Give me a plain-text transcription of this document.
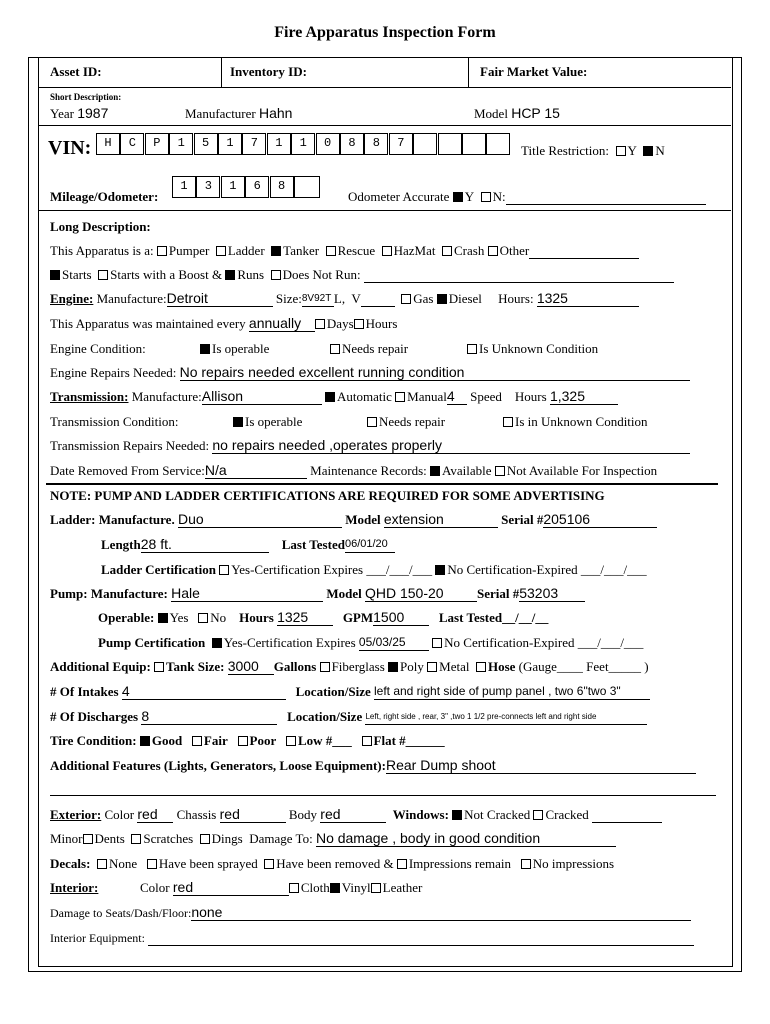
Fire Apparatus Inspection Form
Asset ID:	Inventory ID:	Fair Market Value:
Short Description:
Year 1987	Manufacturer Hahn	Model HCP 15
VIN:	H	C	P	1	5	1	7	1	1	0	8	8	7	Title Restriction: Y N
Mileage/Odometer:
1	3	1	6	8
Odometer Accurate Y N:
Long Description:
This Apparatus is a: Pumper Ladder Tanker Rescue HazMat Crash Other
Starts Starts with a Boost & Runs Does Not Run:
Engine: Manufacture:Detroit	Size:8V92T L, V	Gas Diesel Hours: 1325
This Apparatus was maintained every annually Days Hours
Engine Condition:	Is operable	Needs repair	Is Unknown Condition
Engine Repairs Needed: No repairs needed excellent running condition
Transmission: Manufacture:Allison	Automatic Manual4 Speed Hours 1,325
Transmission Condition:	Is operable	Needs repair	Is in Unknown Condition
Transmission Repairs Needed: no repairs needed ,operates properly
Date Removed From Service:N/a	Maintenance Records: Available Not Available For Inspection
NOTE: PUMP AND LADDER CERTIFICATIONS ARE REQUIRED FOR SOME ADVERTISING
Ladder: Manufacture. Duo	Model extension	Serial #205106
Length28 ft.	Last Tested06/01/20
Ladder Certification Yes-Certification Expires ___/___/___ No Certification-Expired ___/___/___
Pump: Manufacture: Hale	Model QHD 150-20	Serial #53203
Operable: Yes No Hours 1325	GPM1500	Last Tested__/__/__
Pump Certification Yes-Certification Expires 05/03/25	No Certification-Expired ___/___/___
Additional Equip: Tank Size: 3000 Gallons Fiberglass Poly Metal Hose (Gauge____ Feet_____ )
# Of Intakes 4	Location/Size left and right side of pump panel , two 6"two 3"
# Of Discharges 8	Location/Size Left, right side , rear, 3" ,two 1 1/2 pre-connects left and right side
Tire Condition: Good Fair Poor Low #___ Flat #______
Additional Features (Lights, Generators, Loose Equipment):Rear Dump shoot
Exterior: Color red Chassis red	Body red	Windows: Not Cracked Cracked
Minor Dents Scratches Dings Damage To: No damage , body in good condition
Decals: None Have been sprayed Have been removed & Impressions remain No impressions
Interior:	Color red	Cloth Vinyl Leather
Damage to Seats/Dash/Floor:none
Interior Equipment:
